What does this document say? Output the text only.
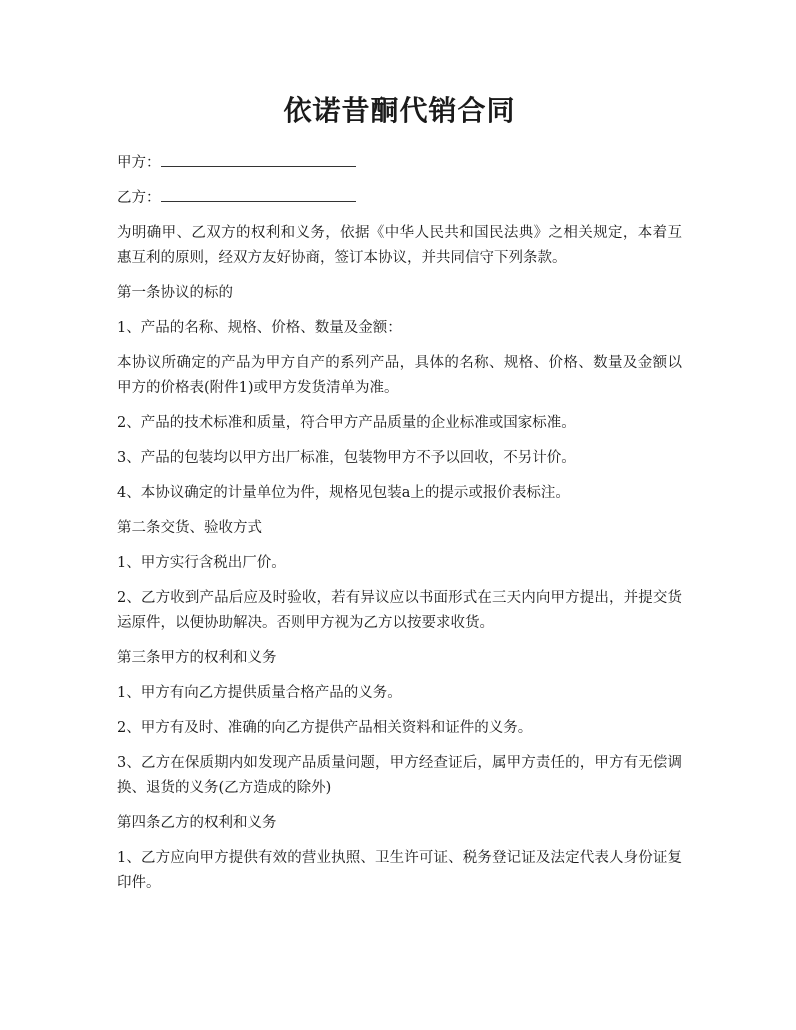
依诺昔酮代销合同
甲方：
乙方：

为明确甲、乙双方的权利和义务，依据《中华人民共和国民法典》之相关规定，本着互惠互利的原则，经双方友好协商，签订本协议，并共同信守下列条款。

第一条协议的标的

1、产品的名称、规格、价格、数量及金额：

本协议所确定的产品为甲方自产的系列产品，具体的名称、规格、价格、数量及金额以甲方的价格表(附件1)或甲方发货清单为准。

2、产品的技术标准和质量，符合甲方产品质量的企业标准或国家标准。

3、产品的包装均以甲方出厂标准，包装物甲方不予以回收，不另计价。

4、本协议确定的计量单位为件，规格见包装a上的提示或报价表标注。

第二条交货、验收方式

1、甲方实行含税出厂价。

2、乙方收到产品后应及时验收，若有异议应以书面形式在三天内向甲方提出，并提交货运原件，以便协助解决。否则甲方视为乙方以按要求收货。

第三条甲方的权利和义务

1、甲方有向乙方提供质量合格产品的义务。

2、甲方有及时、准确的向乙方提供产品相关资料和证件的义务。

3、乙方在保质期内如发现产品质量问题，甲方经查证后，属甲方责任的，甲方有无偿调换、退货的义务(乙方造成的除外)

第四条乙方的权利和义务

1、乙方应向甲方提供有效的营业执照、卫生许可证、税务登记证及法定代表人身份证复印件。
